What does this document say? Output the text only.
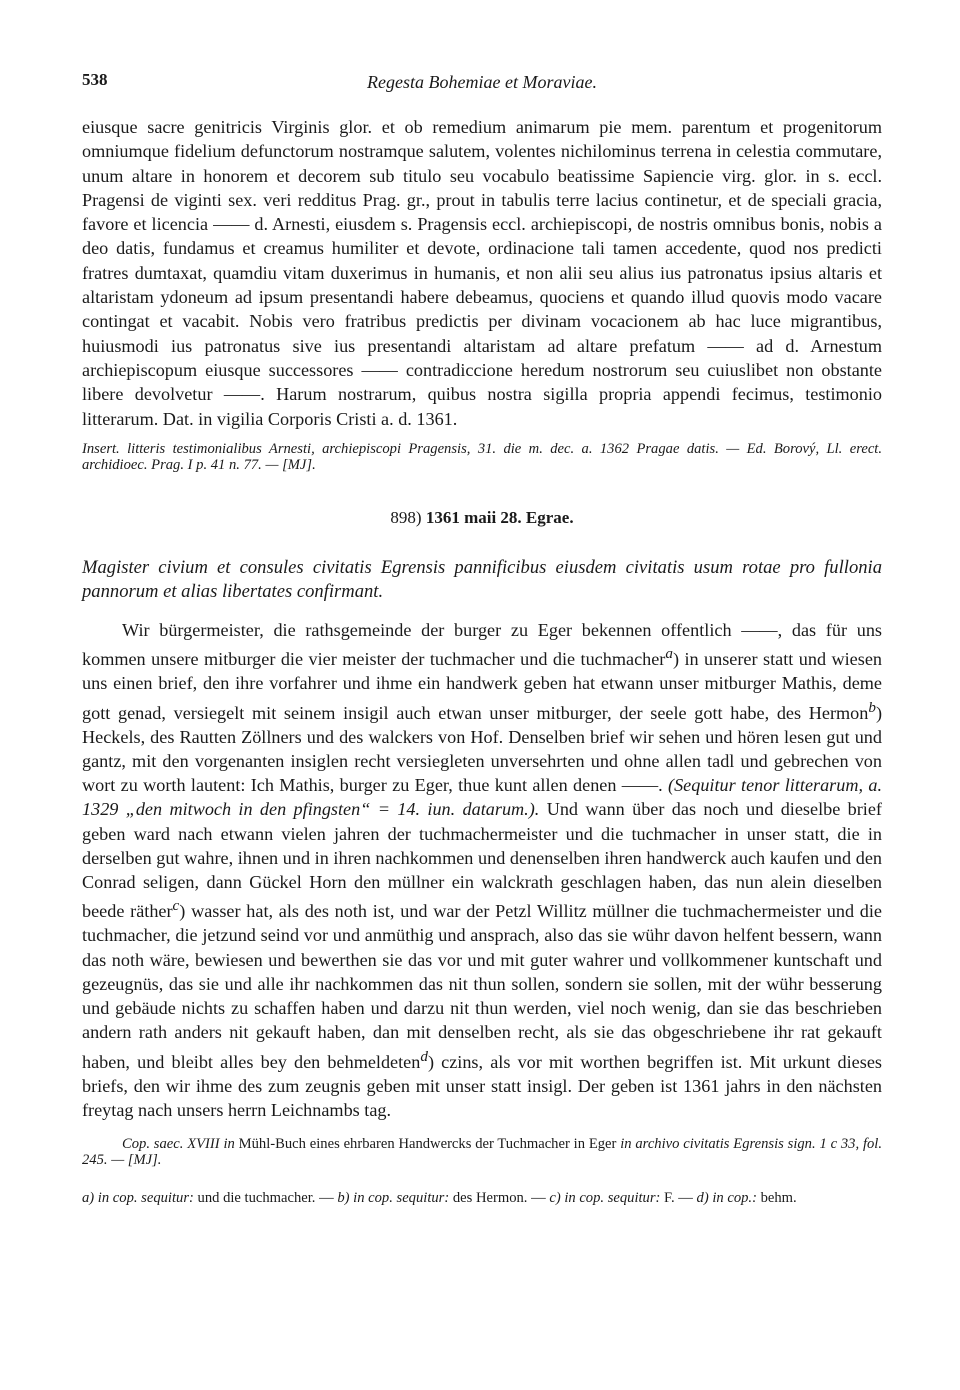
538	Regesta Bohemiae et Moraviae.

eiusque sacre genitricis Virginis glor. et ob remedium animarum pie mem. parentum et progenitorum omniumque fidelium defunctorum nostramque salutem, volentes nichilominus terrena in celestia commutare, unum altare in honorem et decorem sub titulo seu vocabulo beatissime Sapiencie virg. glor. in s. eccl. Pragensi de viginti sex. veri redditus Prag. gr., prout in tabulis terre lacius continetur, et de speciali gracia, favore et licencia —— d. Arnesti, eiusdem s. Pragensis eccl. archiepiscopi, de nostris omnibus bonis, nobis a deo datis, fundamus et creamus humiliter et devote, ordinacione tali tamen accedente, quod nos predicti fratres dumtaxat, quamdiu vitam duxerimus in humanis, et non alii seu alius ius patronatus ipsius altaris et altaristam ydoneum ad ipsum presentandi habere debeamus, quociens et quando illud quovis modo vacare contingat et vacabit. Nobis vero fratribus predictis per divinam vocacionem ab hac luce migrantibus, huiusmodi ius patronatus sive ius presentandi altaristam ad altare prefatum —— ad d. Arnestum archiepiscopum eiusque successores —— contradiccione heredum nostrorum seu cuiuslibet non obstante libere devolvetur ——. Harum nostrarum, quibus nostra sigilla propria appendi fecimus, testimonio litterarum. Dat. in vigilia Corporis Cristi a. d. 1361.

Insert. litteris testimonialibus Arnesti, archiepiscopi Pragensis, 31. die m. dec. a. 1362 Pragae datis. — Ed. Borový, Ll. erect. archidioec. Prag. I p. 41 n. 77. — [MJ].
898) 1361 maii 28. Egrae.
Magister civium et consules civitatis Egrensis pannificibus eiusdem civitatis usum rotae pro fullonia pannorum et alias libertates confirmant.
Wir bürgermeister, die rathsgemeinde der burger zu Eger bekennen offentlich ——, das für uns kommen unsere mitburger die vier meister der tuchmacher und die tuchmacher$^a$) in unserer statt und wiesen uns einen brief, den ihre vorfahrer und ihme ein handwerk geben hat etwann unser mitburger Mathis, deme gott genad, versiegelt mit seinem insigil auch etwan unser mitburger, der seele gott habe, des Hermon$^b$) Heckels, des Rautten Zöllners und des walckers von Hof. Denselben brief wir sehen und hören lesen gut und gantz, mit den vorgenanten insiglen recht versiegleten unversehrten und ohne allen tadl und gebrechen von wort zu worth lautent: Ich Mathis, burger zu Eger, thue kunt allen denen ——. (Sequitur tenor litterarum, a. 1329 „den mitwoch in den pfingsten“ = 14. iun. datarum.). Und wann über das noch und dieselbe brief geben ward nach etwann vielen jahren der tuchmachermeister und die tuchmacher in unser statt, die in derselben gut wahre, ihnen und in ihren nachkommen und denenselben ihren handwerck auch kaufen und den Conrad seligen, dann Gückel Horn den müllner ein walckrath geschlagen haben, das nun alein dieselben beede räther$^c$) wasser hat, als des noth ist, und war der Petzl Willitz müllner die tuchmachermeister und die tuchmacher, die jetzund seind vor und anmüthig und ansprach, also das sie wühr davon helfent bessern, wann das noth wäre, bewiesen und bewerthen sie das vor und mit guter wahrer und vollkommener kuntschaft und gezeugnüs, das sie und alle ihr nachkommen das nit thun sollen, sondern sie sollen, mit der wühr besserung und gebäude nichts zu schaffen haben und darzu nit thun werden, viel noch wenig, dan sie das beschrieben andern rath anders nit gekauft haben, dan mit denselben recht, als sie das obgeschriebene ihr rat gekauft haben, und bleibt alles bey den behmeldeten$^d$) czins, als vor mit worthen begriffen ist. Mit urkunt dieses briefs, den wir ihme des zum zeugnis geben mit unser statt insigl. Der geben ist 1361 jahrs in den nächsten freytag nach unsers herrn Leichnambs tag.
Cop. saec. XVIII in Mühl-Buch eines ehrbaren Handwercks der Tuchmacher in Eger in archivo civitatis Egrensis sign. 1 c 33, fol. 245. — [MJ].
a) in cop. sequitur: und die tuchmacher. — b) in cop. sequitur: des Hermon. — c) in cop. sequitur: F. — d) in cop.: behm.
